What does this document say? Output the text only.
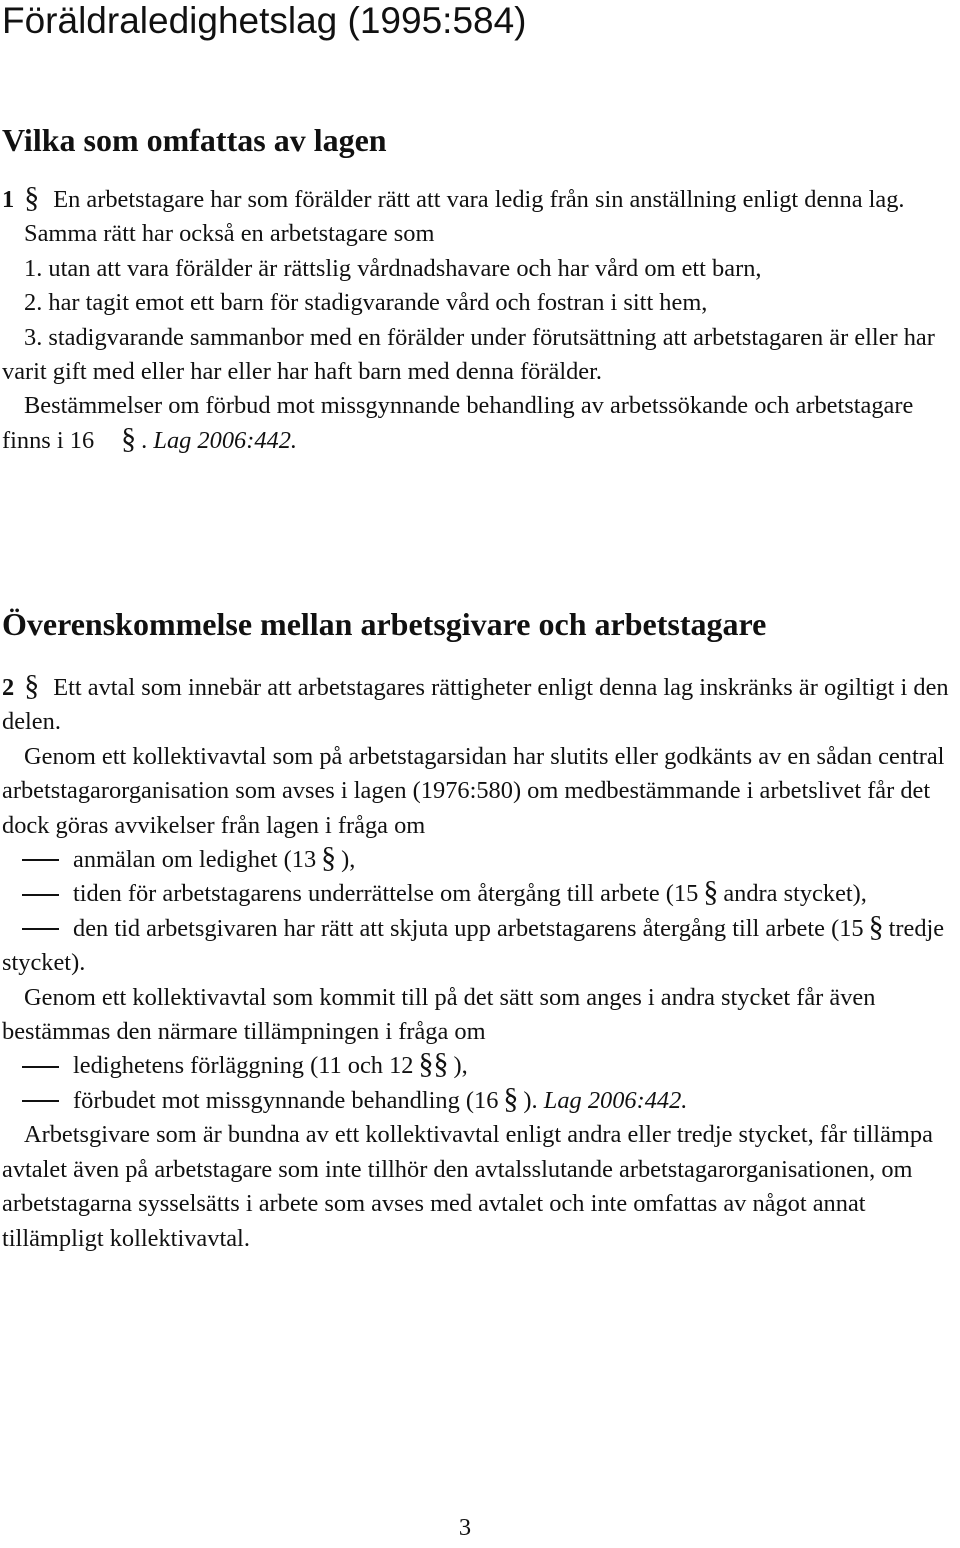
Föräldraledighetslag (1995:584)
Vilka som omfattas av lagen

1 § En arbetstagare har som förälder rätt att vara ledig från sin anställning enligt denna lag.

Samma rätt har också en arbetstagare som

1. utan att vara förälder är rättslig vårdnadshavare och har vård om ett barn,

2. har tagit emot ett barn för stadigvarande vård och fostran i sitt hem,

3. stadigvarande sammanbor med en förälder under förutsättning att arbetstagaren är eller har varit gift med eller har eller har haft barn med denna förälder.

Bestämmelser om förbud mot missgynnande behandling av arbetssökande och arbetstagare finns i 16 § . Lag 2006:442.

Överenskommelse mellan arbetsgivare och arbetstagare

2 § Ett avtal som innebär att arbetstagares rättigheter enligt denna lag inskränks är ogiltigt i den delen.

Genom ett kollektivavtal som på arbetstagarsidan har slutits eller godkänts av en sådan central arbetstagarorganisation som avses i lagen (1976:580) om medbestämmande i arbetslivet får det dock göras avvikelser från lagen i fråga om

anmälan om ledighet (13 § ),

tiden för arbetstagarens underrättelse om återgång till arbete (15 § andra stycket),

den tid arbetsgivaren har rätt att skjuta upp arbetstagarens återgång till arbete (15 § tredje stycket).

Genom ett kollektivavtal som kommit till på det sätt som anges i andra stycket får även bestämmas den närmare tillämpningen i fråga om

ledighetens förläggning (11 och 12 §§ ),

förbudet mot missgynnande behandling (16 § ). Lag 2006:442.

Arbetsgivare som är bundna av ett kollektivavtal enligt andra eller tredje stycket, får tillämpa avtalet även på arbetstagare som inte tillhör den avtalsslutande arbetstagarorganisationen, om arbetstagarna sysselsätts i arbete som avses med avtalet och inte omfattas av något annat tillämpligt kollektivavtal.

3
